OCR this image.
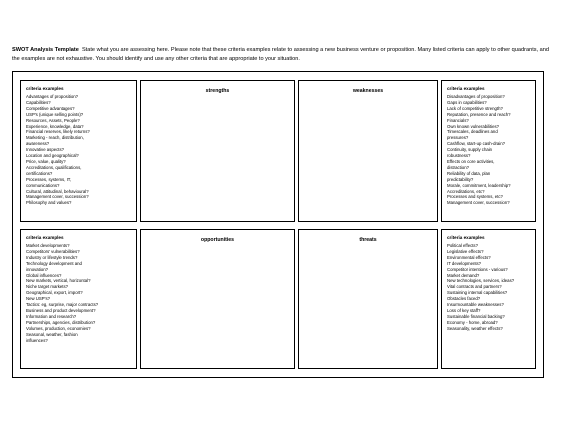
SWOT Analysis Template State what you are assessing here. Please note that these criteria examples relate to assessing a new business venture or proposition. Many listed criteria can apply to other quadrants, and the examples are not exhaustive. You should identify and use any other criteria that are appropriate to your situation.
criteria examples
Advantages of proposition?
Capabilities?
Competitive advantages?
USP's (unique selling points)?
Resources, Assets, People?
Experience, knowledge, data?
Financial reserves, likely returns?
Marketing - reach, distribution,
awareness?
Innovative aspects?
Location and geographical?
Price, value, quality?
Accreditations, qualifications,
certifications?
Processes, systems, IT,
communications?
Cultural, attitudinal, behavioural?
Management cover, succession?
Philosophy and values?
strengths	weaknesses	criteria examples
Disadvantages of proposition?
Gaps in capabilities?
Lack of competitive strength?
Reputation, presence and reach?
Financials?
Own known vulnerabilities?
Timescales, deadlines and
pressures?
Cashflow, start-up cash-drain?
Continuity, supply chain
robustness?
Effects on core activities,
distraction?
Reliability of data, plan
predictability?
Morale, commitment, leadership?
Accreditations, etc?
Processes and systems, etc?
Management cover, succession?
criteria examples
Market developments?
Competitors' vulnerabilities?
Industry or lifestyle trends?
Technology development and
innovation?
Global influences?
New markets, vertical, horizontal?
Niche target markets?
Geographical, export, import?
New USP's?
Tactics: eg, surprise, major contracts?
Business and product development?
Information and research?
Partnerships, agencies, distribution?
Volumes, production, economies?
Seasonal, weather, fashion
influences?
opportunities	threats	criteria examples
Political effects?
Legislative effects?
Environmental effects?
IT developments?
Competitor intentions - various?
Market demand?
New technologies, services, ideas?
Vital contracts and partners?
Sustaining internal capabilities?
Obstacles faced?
Insurmountable weaknesses?
Loss of key staff?
Sustainable financial backing?
Economy - home, abroad?
Seasonality, weather effects?
